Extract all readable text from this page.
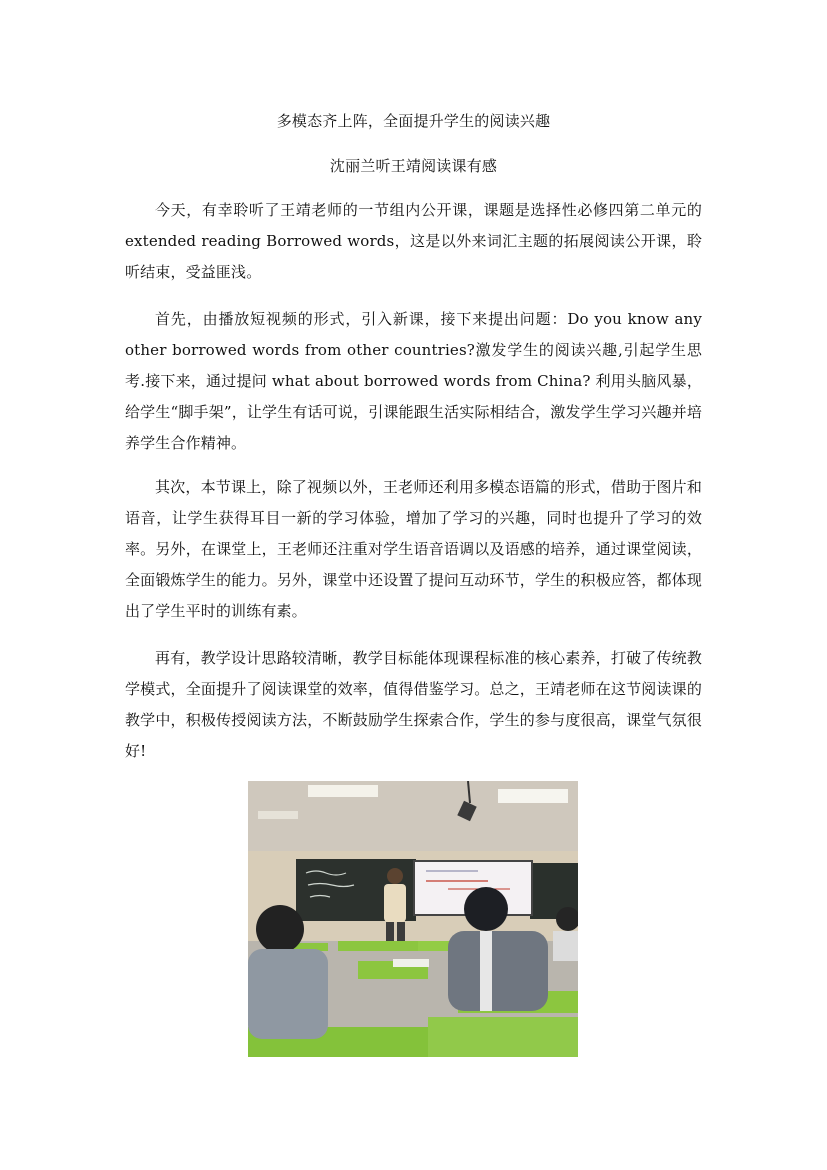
多模态齐上阵，全面提升学生的阅读兴趣
沈丽兰听王靖阅读课有感

今天，有幸聆听了王靖老师的一节组内公开课，课题是选择性必修四第二单元的extended reading Borrowed words，这是以外来词汇主题的拓展阅读公开课，聆听结束，受益匪浅。

首先，由播放短视频的形式，引入新课，接下来提出问题：Do you know any other borrowed words from other countries?激发学生的阅读兴趣,引起学生思考.接下来，通过提问 what about borrowed words from China? 利用头脑风暴，给学生“脚手架”，让学生有话可说，引课能跟生活实际相结合，激发学生学习兴趣并培养学生合作精神。

其次，本节课上，除了视频以外，王老师还利用多模态语篇的形式，借助于图片和语音，让学生获得耳目一新的学习体验，增加了学习的兴趣，同时也提升了学习的效率。另外，在课堂上，王老师还注重对学生语音语调以及语感的培养，通过课堂阅读，全面锻炼学生的能力。另外，课堂中还设置了提问互动环节，学生的积极应答，都体现出了学生平时的训练有素。

再有，教学设计思路较清晰，教学目标能体现课程标准的核心素养，打破了传统教学模式，全面提升了阅读课堂的效率，值得借鉴学习。总之，王靖老师在这节阅读课的教学中，积极传授阅读方法，不断鼓励学生探索合作，学生的参与度很高，课堂气氛很好!
